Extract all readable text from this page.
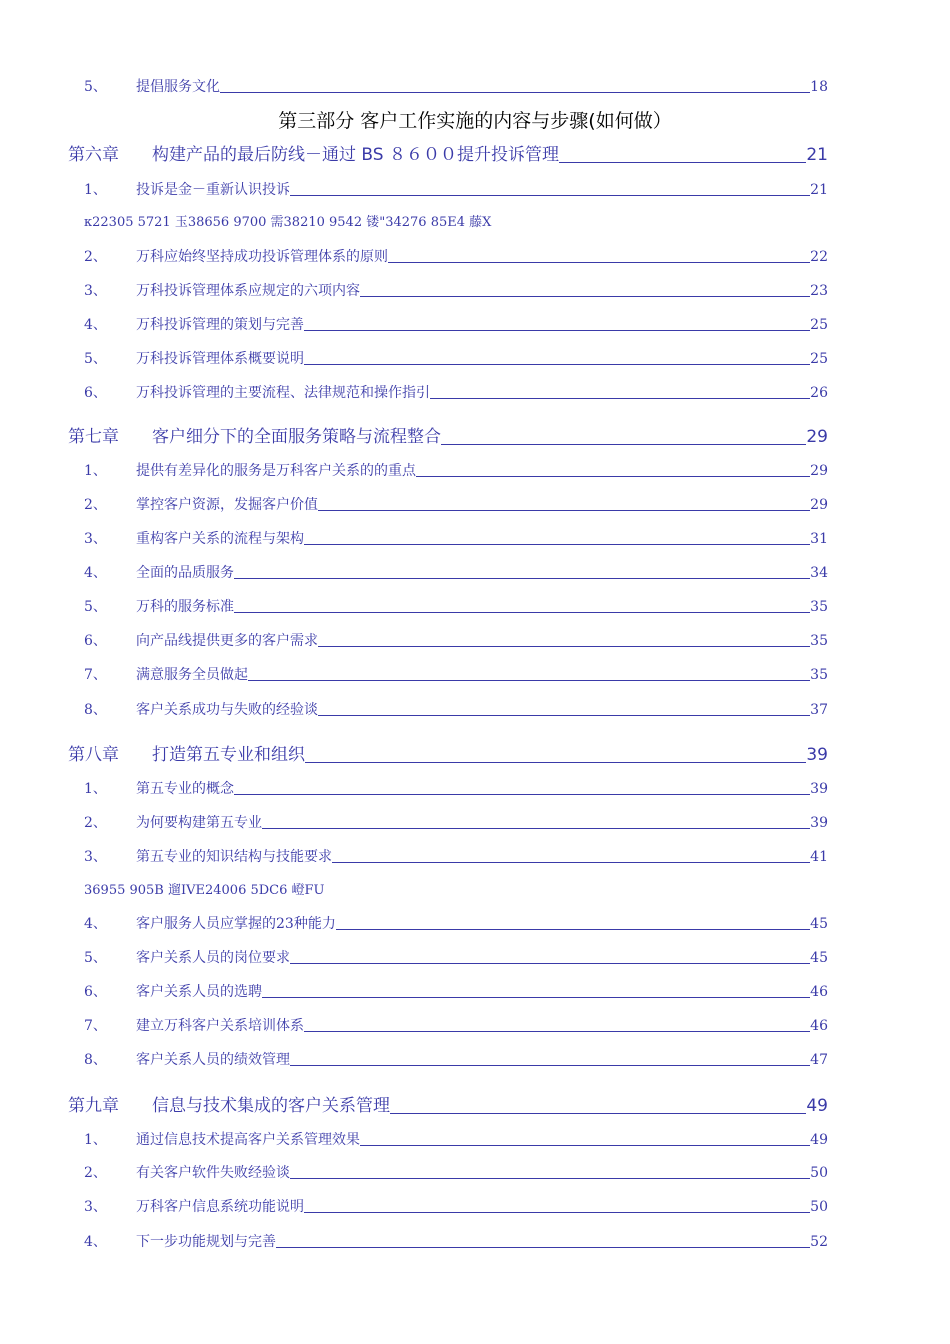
5、	提倡服务文化	18
第三部分 客户工作实施的内容与步骤(如何做）
第六章	构建产品的最后防线－通过 BS ８６００提升投诉管理	21
1、	投诉是金－重新认识投诉	21
к22305 5721 玉38656 9700 需38210 9542 镂"34276 85E4 藤Χ
2、	万科应始终坚持成功投诉管理体系的原则	22
3、	万科投诉管理体系应规定的六项内容	23
4、	万科投诉管理的策划与完善	25
5、	万科投诉管理体系概要说明	25
6、	万科投诉管理的主要流程、法律规范和操作指引	26
第七章	客户细分下的全面服务策略与流程整合	29
1、	提供有差异化的服务是万科客户关系的的重点	29
2、	掌控客户资源，发掘客户价值	29
3、	重构客户关系的流程与架构	31
4、	全面的品质服务	34
5、	万科的服务标准	35
6、	向产品线提供更多的客户需求	35
7、	满意服务全员做起	35
8、	客户关系成功与失败的经验谈	37
第八章	打造第五专业和组织	39
1、	第五专业的概念	39
2、	为何要构建第五专业	39
3、	第五专业的知识结构与技能要求	41
36955 905B 遛IVЕ24006 5DC6 嶝FU
4、	客户服务人员应掌握的23种能力	45
5、	客户关系人员的岗位要求	45
6、	客户关系人员的选聘	46
7、	建立万科客户关系培训体系	46
8、	客户关系人员的绩效管理	47
第九章	信息与技术集成的客户关系管理	49
1、	通过信息技术提高客户关系管理效果	49
2、	有关客户软件失败经验谈	50
3、	万科客户信息系统功能说明	50
4、	下一步功能规划与完善	52
